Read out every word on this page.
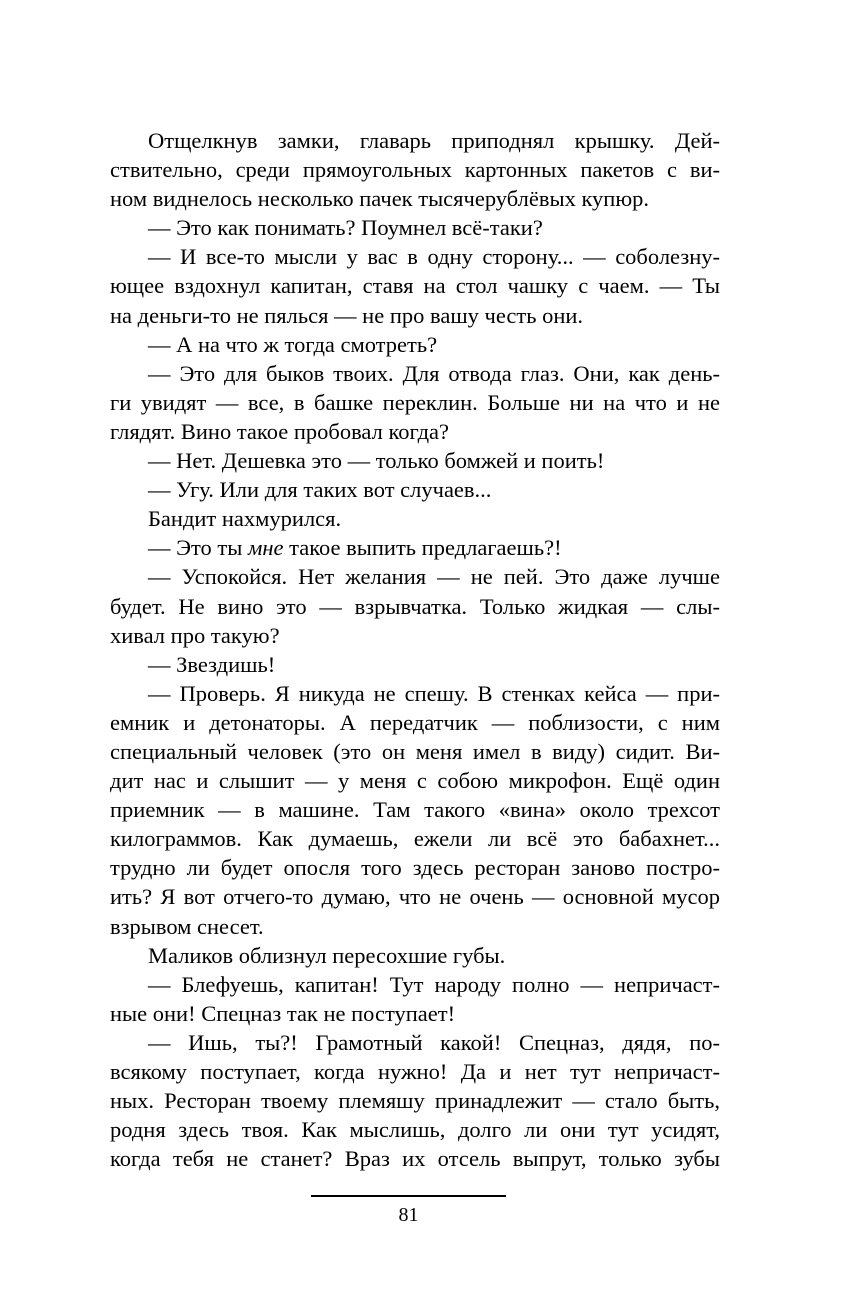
Отщелкнув замки, главарь приподнял крышку. Дей-
ствительно, среди прямоугольных картонных пакетов с ви-
ном виднелось несколько пачек тысячерублёвых купюр.
— Это как понимать? Поумнел всё-таки?
— И все-то мысли у вас в одну сторону... — соболезну-
ющее вздохнул капитан, ставя на стол чашку с чаем. — Ты
на деньги-то не пялься — не про вашу честь они.
— А на что ж тогда смотреть?
— Это для быков твоих. Для отвода глаз. Они, как день-
ги увидят — все, в башке переклин. Больше ни на что и не
глядят. Вино такое пробовал когда?
— Нет. Дешевка это — только бомжей и поить!
— Угу. Или для таких вот случаев...
Бандит нахмурился.
— Это ты мне такое выпить предлагаешь?!
— Успокойся. Нет желания — не пей. Это даже лучше
будет. Не вино это — взрывчатка. Только жидкая — слы-
хивал про такую?
— Звездишь!
— Проверь. Я никуда не спешу. В стенках кейса — при-
емник и детонаторы. А передатчик — поблизости, с ним
специальный человек (это он меня имел в виду) сидит. Ви-
дит нас и слышит — у меня с собою микрофон. Ещё один
приемник — в машине. Там такого «вина» около трехсот
килограммов. Как думаешь, ежели ли всё это бабахнет...
трудно ли будет опосля того здесь ресторан заново постро-
ить? Я вот отчего-то думаю, что не очень — основной мусор
взрывом снесет.
Маликов облизнул пересохшие губы.
— Блефуешь, капитан! Тут народу полно — непричаст-
ные они! Спецназ так не поступает!
— Ишь, ты?! Грамотный какой! Спецназ, дядя, по-
всякому поступает, когда нужно! Да и нет тут непричаст-
ных. Ресторан твоему племяшу принадлежит — стало быть,
родня здесь твоя. Как мыслишь, долго ли они тут усидят,
когда тебя не станет? Враз их отсель выпрут, только зубы
81
